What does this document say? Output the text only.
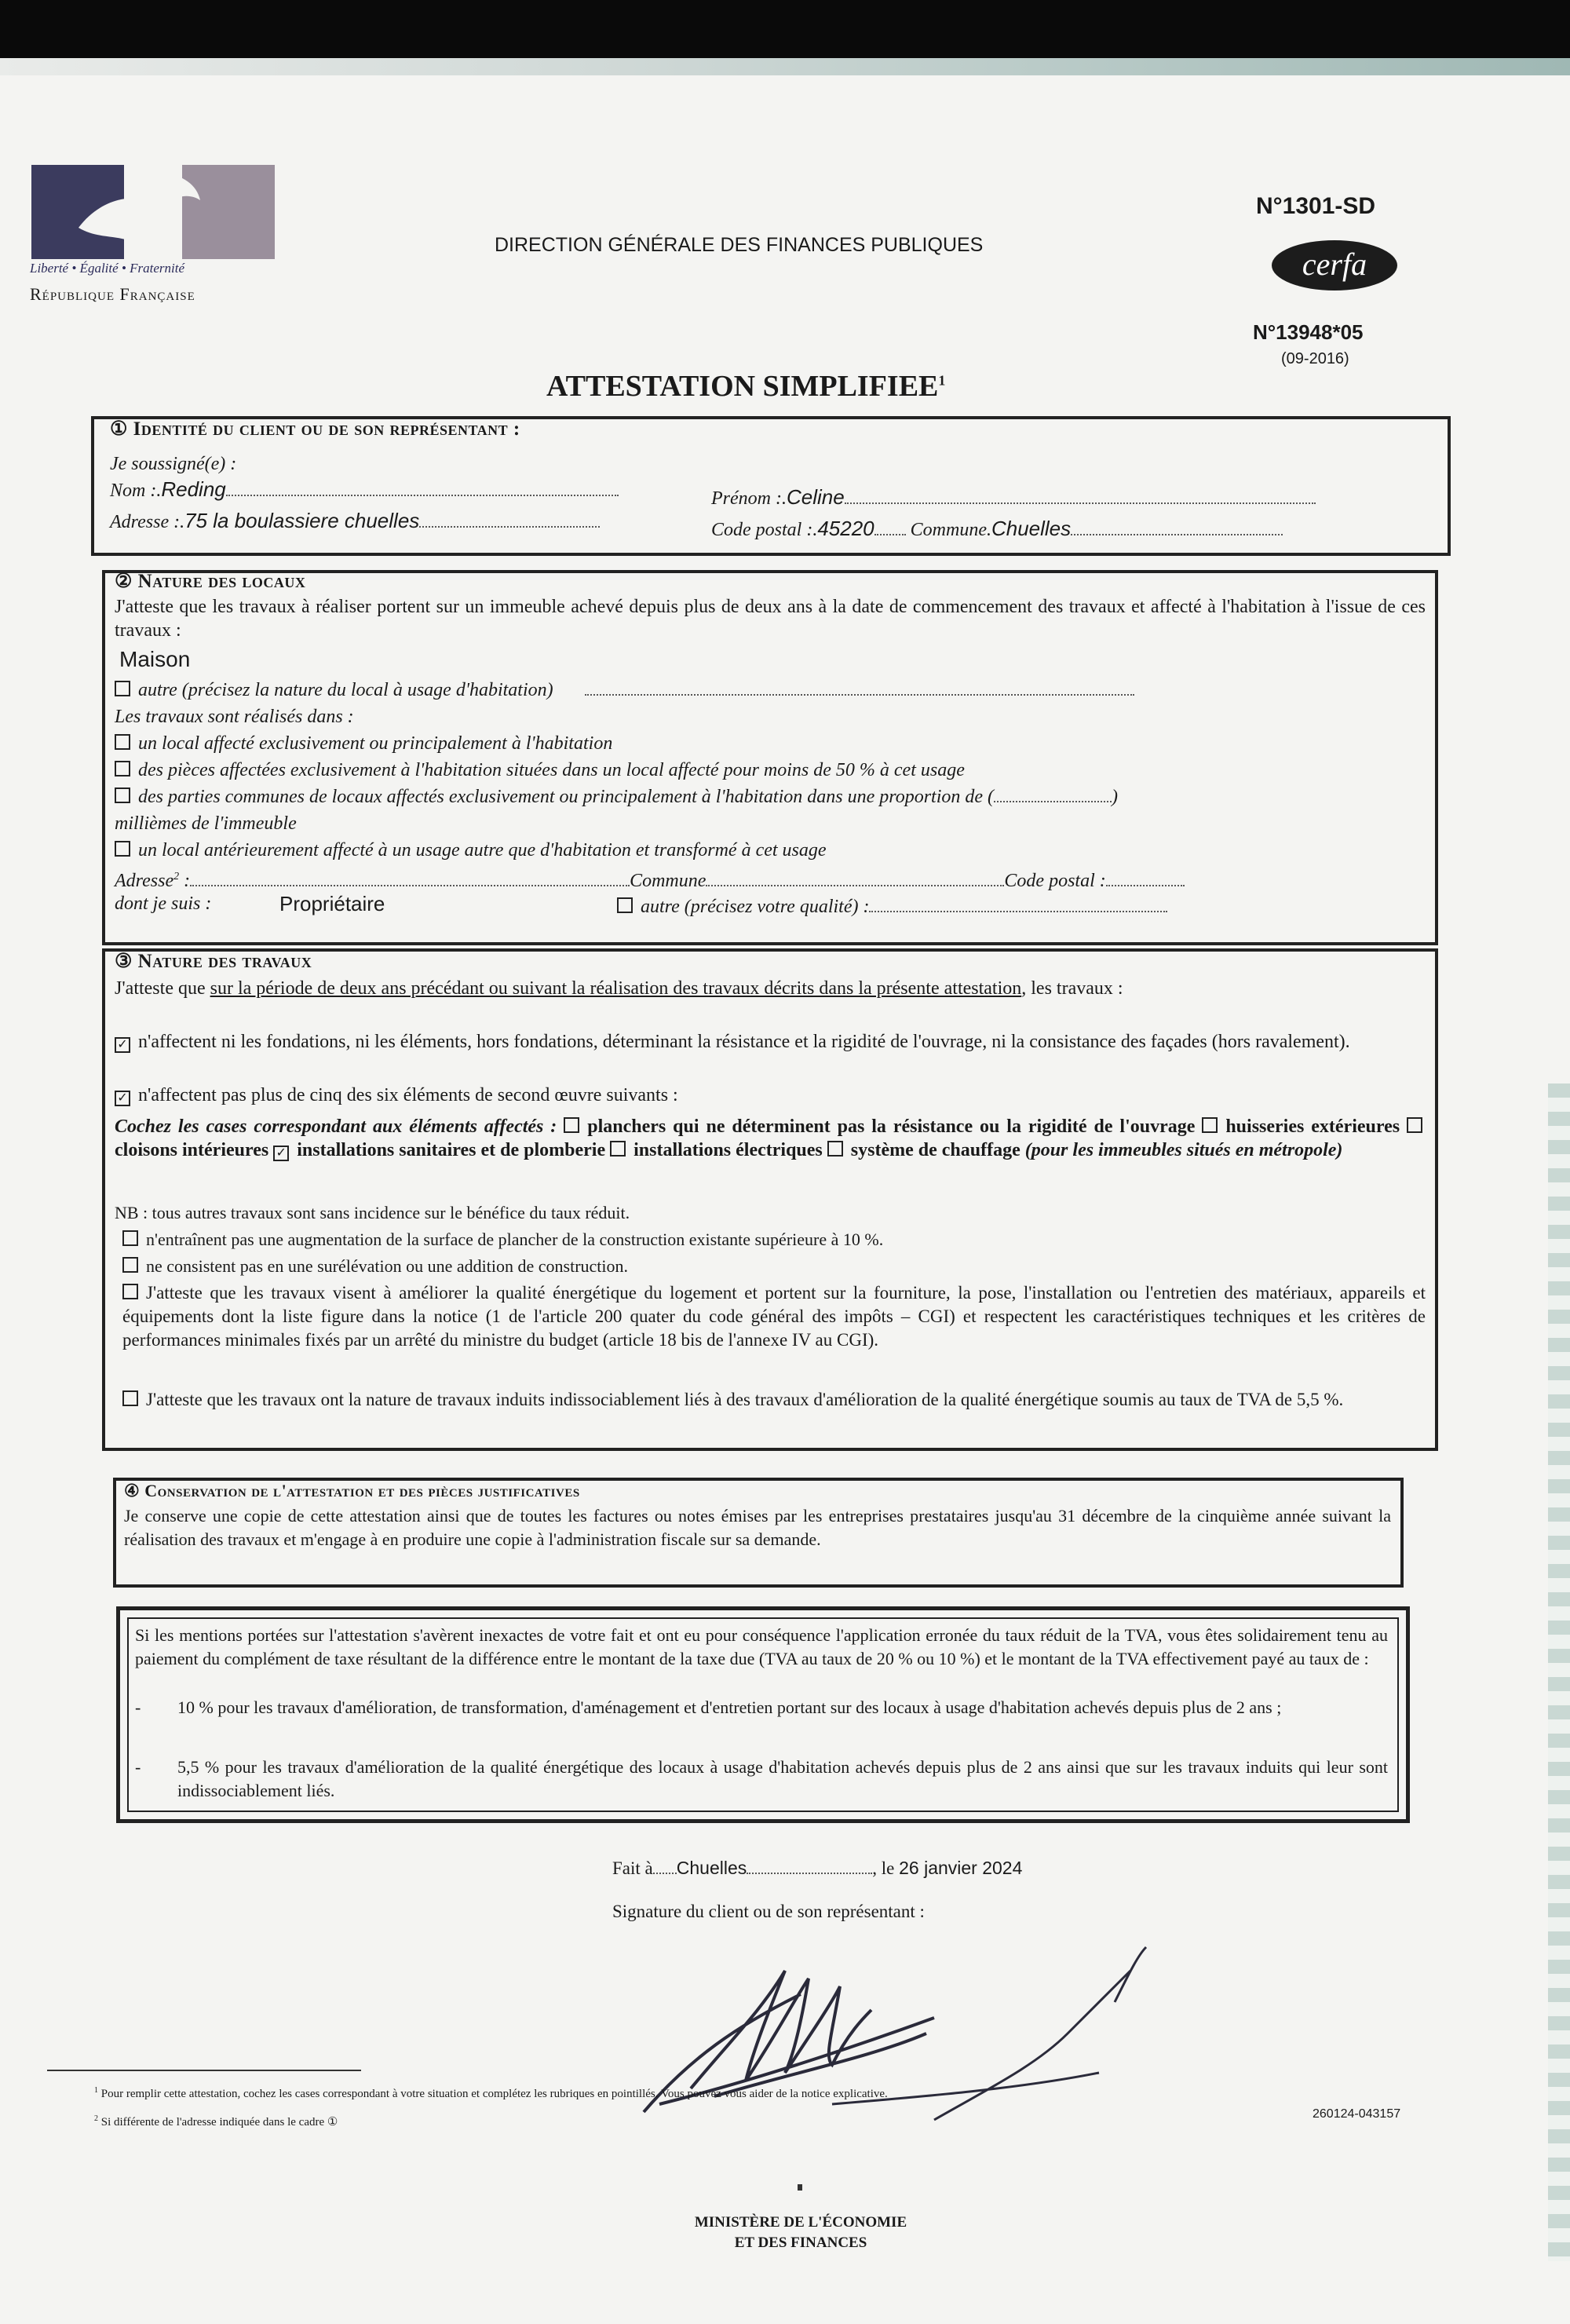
Liberté • Égalité • Fraternité
République Française
DIRECTION GÉNÉRALE DES FINANCES PUBLIQUES
N°1301-SD
cerfa
N°13948*05
(09-2016)
ATTESTATION SIMPLIFIEE$^1$
① Identité du client ou de son représentant :
Je soussigné(e) :
Nom :.Reding	Prénom :.Celine
Adresse :.75 la boulassiere chuelles	Code postal :.45220 Commune.Chuelles
② Nature des locaux
J'atteste que les travaux à réaliser portent sur un immeuble achevé depuis plus de deux ans à la date de commencement des travaux et affecté à l'habitation à l'issue de ces travaux :
Maison
autre (précisez la nature du local à usage d'habitation)
Les travaux sont réalisés dans :
un local affecté exclusivement ou principalement à l'habitation
des pièces affectées exclusivement à l'habitation situées dans un local affecté pour moins de 50 % à cet usage
des parties communes de locaux affectés exclusivement ou principalement à l'habitation dans une proportion de (	)
millièmes de l'immeuble
un local antérieurement affecté à un usage autre que d'habitation et transformé à cet usage
Adresse$^2$ :	Commune	Code postal :
dont je suis :	Propriétaire	autre (précisez votre qualité) :
③ Nature des travaux
J'atteste que sur la période de deux ans précédant ou suivant la réalisation des travaux décrits dans la présente attestation, les travaux :
✓ n'affectent ni les fondations, ni les éléments, hors fondations, déterminant la résistance et la rigidité de l'ouvrage, ni la consistance des façades (hors ravalement).
✓ n'affectent pas plus de cinq des six éléments de second œuvre suivants :
Cochez les cases correspondant aux éléments affectés : planchers qui ne déterminent pas la résistance ou la rigidité de l'ouvrage huisseries extérieures cloisons intérieures ✓ installations sanitaires et de plomberie installations électriques système de chauffage (pour les immeubles situés en métropole)
NB : tous autres travaux sont sans incidence sur le bénéfice du taux réduit.
n'entraînent pas une augmentation de la surface de plancher de la construction existante supérieure à 10 %.
ne consistent pas en une surélévation ou une addition de construction.
J'atteste que les travaux visent à améliorer la qualité énergétique du logement et portent sur la fourniture, la pose, l'installation ou l'entretien des matériaux, appareils et équipements dont la liste figure dans la notice (1 de l'article 200 quater du code général des impôts – CGI) et respectent les caractéristiques techniques et les critères de performances minimales fixés par un arrêté du ministre du budget (article 18 bis de l'annexe IV au CGI).
J'atteste que les travaux ont la nature de travaux induits indissociablement liés à des travaux d'amélioration de la qualité énergétique soumis au taux de TVA de 5,5 %.
④ Conservation de l'attestation et des pièces justificatives
Je conserve une copie de cette attestation ainsi que de toutes les factures ou notes émises par les entreprises prestataires jusqu'au 31 décembre de la cinquième année suivant la réalisation des travaux et m'engage à en produire une copie à l'administration fiscale sur sa demande.
Si les mentions portées sur l'attestation s'avèrent inexactes de votre fait et ont eu pour conséquence l'application erronée du taux réduit de la TVA, vous êtes solidairement tenu au paiement du complément de taxe résultant de la différence entre le montant de la taxe due (TVA au taux de 20 % ou 10 %) et le montant de la TVA effectivement payé au taux de :
- 10 % pour les travaux d'amélioration, de transformation, d'aménagement et d'entretien portant sur des locaux à usage d'habitation achevés depuis plus de 2 ans ;
- 5,5 % pour les travaux d'amélioration de la qualité énergétique des locaux à usage d'habitation achevés depuis plus de 2 ans ainsi que sur les travaux induits qui leur sont indissociablement liés.
Fait à Chuelles	, le 26 janvier 2024
Signature du client ou de son représentant :
$^1$ Pour remplir cette attestation, cochez les cases correspondant à votre situation et complétez les rubriques en pointillés. Vous pouvez vous aider de la notice explicative.
$^2$ Si différente de l'adresse indiquée dans le cadre ①
260124-043157
MINISTÈRE DE L'ÉCONOMIE
ET DES FINANCES
